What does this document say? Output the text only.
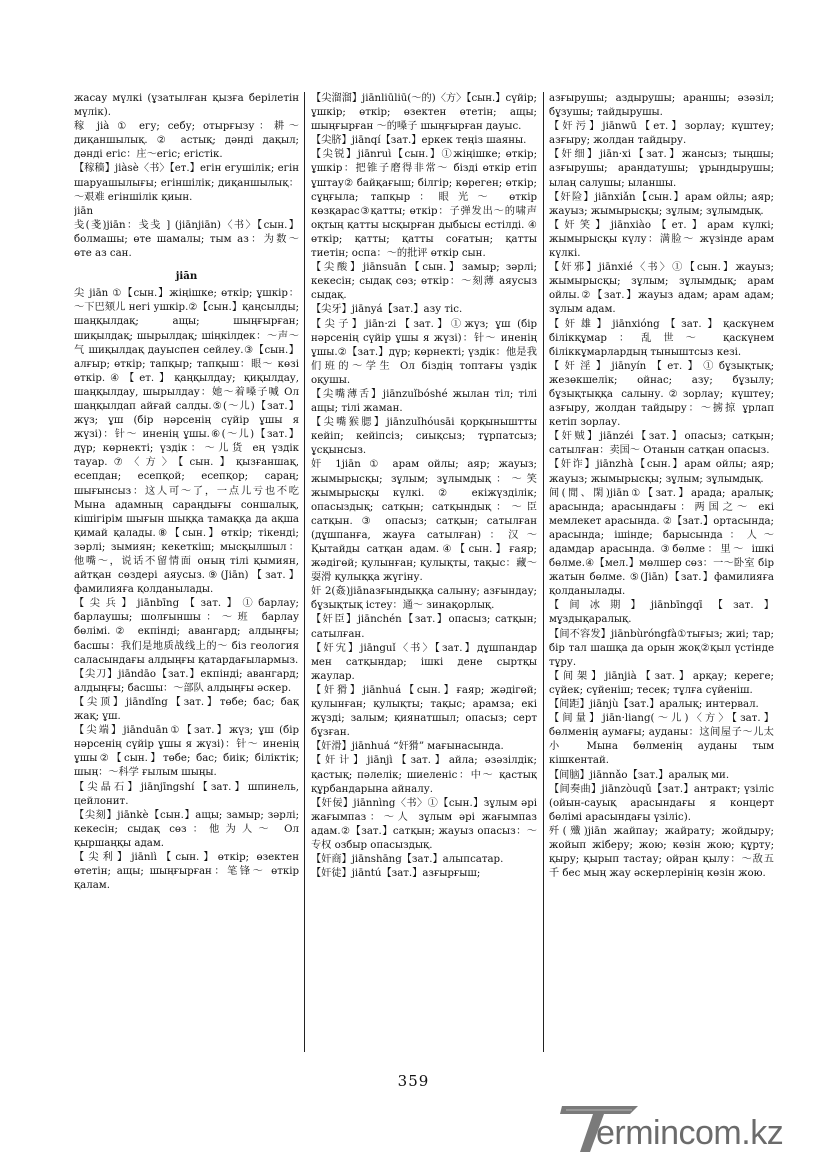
жасау мүлкі (ұзатылған қызға берілетін мүлік).

稼 jià ① егу; себу; отырғызу：耕～ диқаншылық. ② астық; дәнді дақыл; дәнді егіс：庄～егіс; егістік.

【稼穑】jiàsè〈书〉【ет.】егін егушілік; егін шаруашылығы; егіншілік; диқаншылық：～艰难 егіншілік қиын.

jiān

戋(戔)jiān：戋戋 ] (jiānjiān)〈书〉【сын.】болмашы; өте шамалы; тым аз：为数～ өте аз сан.

jiān

尖 jiān ①【сын.】жіңішке; өткір; ұшкір：～下巴颏儿 негі ушкір.②【сын.】қаңсылды; шаңқылдақ; ащы; шыңғырған; шиқылдақ; шырылдақ; шіңкілдек：～声～气 шиқылдақ дауыспен сейлеу.③【сын.】алғыр; өткір; тапқыр; тапқыш：眼～ көзі өткір.④【ет.】қаңқылдау; қиқылдау, шаңқылдау, шырылдау：她～着嗓子喊 Ол шаңқылдап айғай салды.⑤(～儿)【зат.】жүз; ұш (бір нәрсенің сүйір ұшы я жүзі)：针～ иненің ұшы.⑥(～儿)【зат.】дүр; көрнекті; үздік：～儿货 ең үздік тауар.⑦〈方〉【сын.】қызғаншақ, есепдан; есепқой; есепқор; сараң; шығынсыз：这人可～了，一点儿亏也不吃 Мына адамның сараңдығы соншалық, кішігірім шығын шыққа тамаққа да ақша қимай қалады.⑧【сын.】өткір; тікенді; зәрлі; зымиян; кекеткіш; мысқылшыл：他嘴～，说话不留情面 оның тілі қымиян, айтқан сөздері аяусыз.⑨(Jiān)【зат.】фамилияға қолданылады.

【尖兵】jiānbīng【зат.】①барлау; барлаушы; шолғыншы：～班 барлау бөлімі.② екпінді; авангард; алдыңғы; басшы：我们是地质战线上的～ біз геология саласындағы алдыңғы қатардағылармыз.

【尖刀】jiāndāo【зат.】екпінді; авангард; алдыңғы; басшы：～部队 алдыңғы әскер.

【尖顶】jiāndǐng【зат.】төбе; бас; бақ жақ; ұш.

【尖端】jiānduān①【зат.】жүз; ұш (бір нәрсенің сүйір ұшы я жүзі)：针～ иненің ұшы②【сын.】төбе; бас; биік; біліктік; шың：～科学 ғылым шыңы.

【尖晶石】jiānjīngshí【зат.】шпинель, цейлонит.

【尖刻】jiānkè【сын.】ащы; замыр; зәрлі; кекесін; сыдақ сөз：他为人～ Ол қыршаңқы адам.

【尖利】jiānlì【сын.】өткір; өзектен өтетін; ащы; шыңғырған：笔锋～ өткір қалам.

【尖溜溜】jiānliūliū(～的)〈方〉【сын.】сүйір; ұшкір; өткір; өзектен өтетін; ащы; шыңғырған ～的嗓子 шыңғырған дауыс.

【尖脐】jiānqí【зат.】еркек теңіз шаяны.

【尖锐】jiānruì【сын.】①жіңішке; өткір; ұшкір：把锥子磨得非常～ бізді өткір етіп ұштау② байқағыш; білгір; көреген; өткір; сұңғыла; тапқыр：眼光～ өткір көзқарас③қатты; өткір：子弹发出～的啸声 оқтың қатты ысқырған дыбысы естілді. ④ өткір; қатты; қатты соғатын; қатты тиетін; оспа：～的批评 өткір сын.

【尖酸】jiānsuān【сын.】замыр; зәрлі; кекесін; сыдақ сөз; өткір：～刻薄 аяусыз сыдақ.

【尖牙】jiānyá【зат.】азу тіс.

【尖子】jiān·zi【зат.】①жүз; ұш (бір нәрсенің сүйір ұшы я жүзі)：针～ иненің ұшы.②【зат.】дүр; көрнекті; үздік：他是我们班的～学生 Ол біздің топтағы үздік оқушы.

【尖嘴薄舌】jiānzuǐbóshé жылан тіл; тілі ащы; тілі жаман.

【尖嘴猴腮】jiānzuǐhóusāi қорқыныштты кейіп; кейіпсіз; сиықсыз; тұрпатсыз; ұсқынсыз.

奸 1jiān ① арам ойлы; аяр; жауыз; жымырысқы; зұлым; зұлымдық：～笑 жымырысқы күлкі. ② екіжүзділік; опасыздық; сатқын; сатқындық：～臣 сатқын. ③ опасыз; сатқын; сатылған (дұшпанға, жауға сатылған)：汉～ Қытайды сатқан адам.④【сын.】ғаяр; жәдігөй; қулынған; қулықты, тақыс：藏～耍滑 қулыққа жүгіну.

奸 2(姦)jiānазғындыққа салыну; азғындау; бұзықтық істеу：通～ зинақорлық.

【奸臣】jiānchén【зат.】опасыз; сатқын; сатылған.

【奸宄】jiānguǐ〈书〉【зат.】дұшпандар мен сатқындар; ішкі дене сыртқы жаулар.

【奸猾】jiānhuá【сын.】ғаяр; жәдігөй; қулынған; қулықты; тақыс; арамза; екі жүзді; залым; қиянатшыл; опасыз; серт бұзған.

【奸滑】jiānhuá “奸猾” мағынасында.

【奸计】jiānjì【зат.】айла; әзәзілдік; қастық; пәлелік; шиеленіс：中～ қастық құрбандарына айналу.

【奸佞】jiānnìng〈书〉①【сын.】зұлым әрі жағымпаз：～人 зұлым әрі жағымпаз адам.②【зат.】сатқын; жауыз опасыз：～专权 озбыр опасыздық.

【奸商】jiānshāng【зат.】алыпсатар.

【奸徒】jiāntú【зат.】азғырғыш;

азғырушы; аздырушы; араншы; әзәзіл; бұзушы; тайдырушы.

【奸污】jiānwū【ет.】зорлау; күштеу; азғыру; жолдан тайдыру.

【奸细】jiān·xi【зат.】жансыз; тыңшы; азғырушы; арандатушы; ұрындырушы; ылаң салушы; ыланшы.

【奸险】jiānxiǎn【сын.】арам ойлы; аяр; жауыз; жымырысқы; зұлым; зұлымдық.

【奸笑】jiānxiào【ет.】арам күлкі; жымырысқы күлу：满脸～ жүзінде арам күлкі.

【奸邪】jiānxié〈书〉①【сын.】жауыз; жымырысқы; зұлым; зұлымдық; арам ойлы.②【зат.】жауыз адам; арам адам; зұлым адам.

【奸雄】jiānxióng【зат.】қаскүнем білікқұмар：乱世～ қаскүнем біліккұмарлардың тыныштсыз кезі.

【奸淫】jiānyín【ет.】①бұзықтық; жезөкшелік; ойнас; азу; бұзылу; бұзықтыққа салыну.②зорлау; күштеу; азғыру, жолдан тайдыру：～掳掠 ұрлап кетіп зорлау.

【奸贼】jiānzéi【зат.】опасыз; сатқын; сатылған：卖国～ Отанын сатқан опасыз.

【奸诈】jiānzhà【сын.】арам ойлы; аяр; жауыз; жымырысқы; зұлым; зұлымдық.

间(閒、閑)jiān①【зат.】арада; аралық; арасында; арасындағы：两国之～ екі мемлекет арасында. ②【зат.】ортасында; арасында; ішінде; барысында：人～ адамдар арасында. ③бөлме：里～ ішкі бөлме.④【мел.】мөлшер сөз：一～卧室 бір жатын бөлме. ⑤(Jiān)【зат.】фамилияға қолданылады.

【间冰期】jiānbīngqī【зат.】мұздықаралық.

【间不容发】jiānbùróngfà①тығыз; жиі; тар; бір тал шашқа да орын жоқ②қыл үстінде тұру.

【间架】jiānjià【зат.】арқау; кереге; сүйек; сүйеніш; тесек; тұлға сүйеніш.

【间距】jiānjù【зат.】аралық; интервал.

【间量】jiān·liang(～儿)〈方〉【зат.】бөлменің аумағы; ауданы：这间屋子～儿太小 Мына бөлменің ауданы тым кішкентай.

【间脑】jiānnǎo【зат.】аралық ми.

【间奏曲】jiānzòuqǔ【зат.】антракт; үзіліс (ойын-сауық арасындағы я концерт бөлімі арасындағы үзіліс).

歼(殲)jiān жайпау; жайрату; жойдыру; жойып жіберу; жою; көзін жою; құрту; қыру; қырып тастау; ойран қылу：～敌五千 бес мың жау әскерлерінің көзін жою.

359
ermincom.kz
